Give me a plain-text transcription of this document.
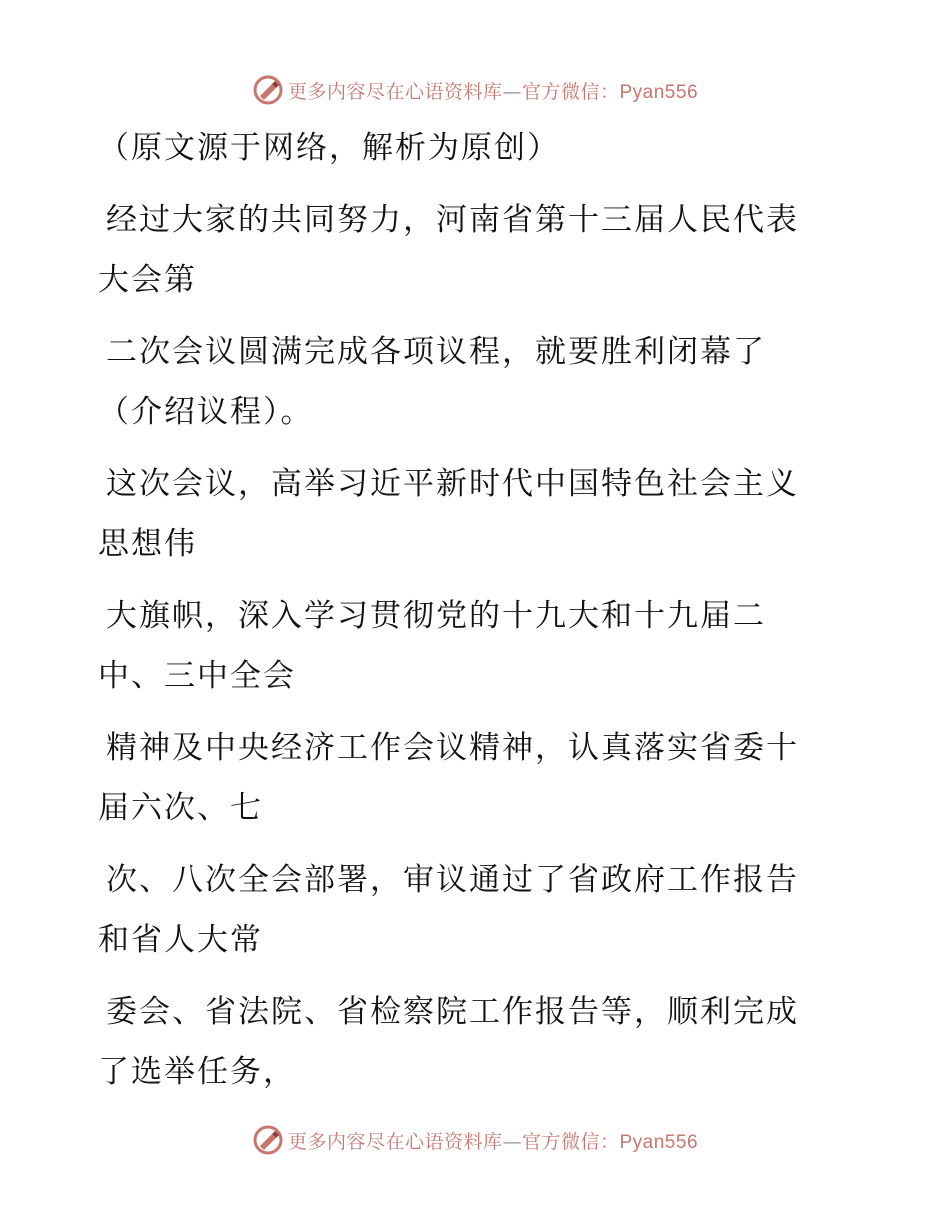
更多内容尽在心语资料库—官方微信：Pyan556
（原文源于网络，解析为原创）
经过大家的共同努力，河南省第十三届人民代表
大会第
二次会议圆满完成各项议程，就要胜利闭幕了
（介绍议程）。
这次会议，高举习近平新时代中国特色社会主义
思想伟
大旗帜，深入学习贯彻党的十九大和十九届二
中、三中全会
精神及中央经济工作会议精神，认真落实省委十
届六次、七
次、八次全会部署，审议通过了省政府工作报告
和省人大常
委会、省法院、省检察院工作报告等，顺利完成
了选举任务，
更多内容尽在心语资料库—官方微信：Pyan556
